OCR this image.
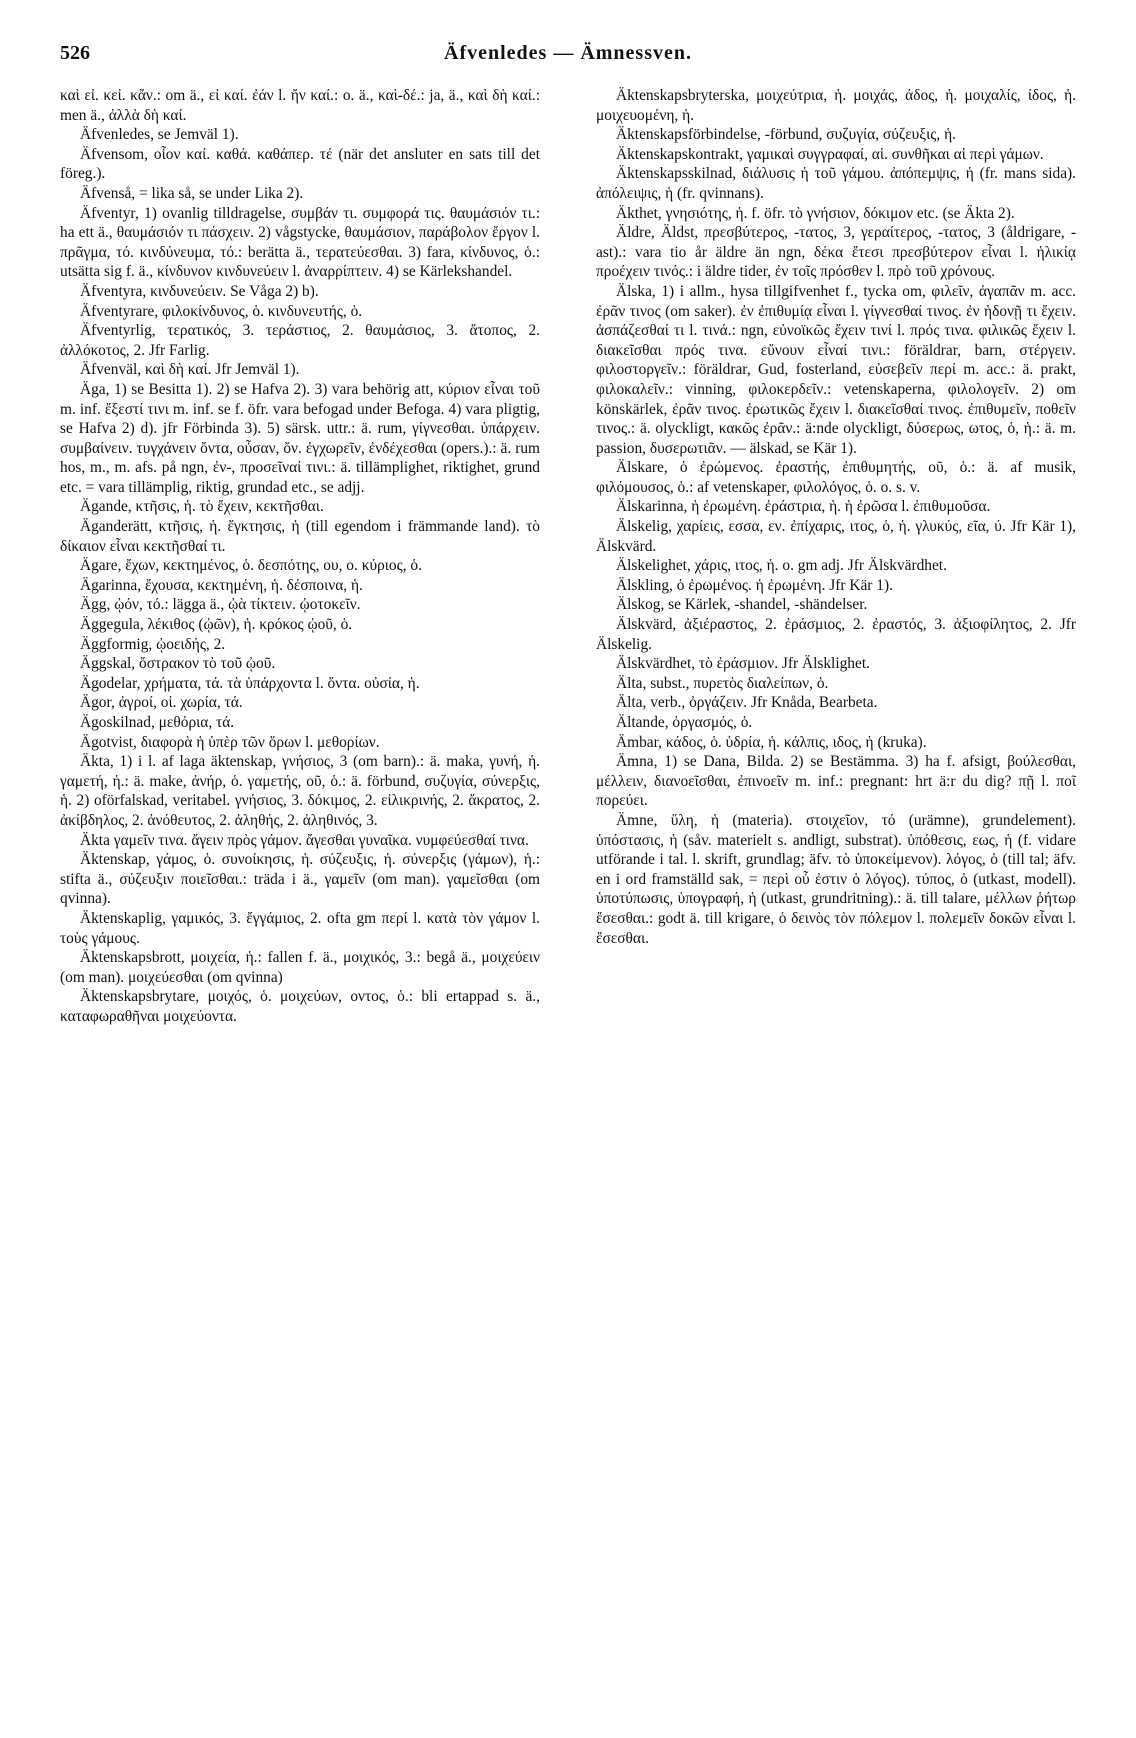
526	Äfvenledes — Ämnessven.

καὶ εἰ. κεἰ. κἄν.: om ä., εἰ καί. ἐάν l. ἤν καί.: o. ä., καὶ-δέ.: ja, ä., καὶ δὴ καί.: men ä., ἀλλὰ δὴ καί.

Äfvenledes, se Jemväl 1).

Äfvensom, οἷον καί. καθά. καθάπερ. τέ (när det ansluter en sats till det föreg.).

Äfvenså, = lika så, se under Lika 2).

Äfventyr, 1) ovanlig tilldragelse, συμβάν τι. συμφορά τις. θαυμάσιόν τι.: ha ett ä., θαυμάσιόν τι πάσχειν. 2) vågstycke, θαυμάσιον, παράβολον ἔργον l. πρᾶγμα, τό. κινδύνευμα, τό.: berätta ä., τερατεύεσθαι. 3) fara, κίνδυνος, ὁ.: utsätta sig f. ä., κίνδυνον κινδυνεύειν l. ἀναρρίπτειν. 4) se Kärlekshandel.

Äfventyra, κινδυνεύειν. Se Våga 2) b).

Äfventyrare, φιλοκίνδυνος, ὁ. κινδυνευτής, ὁ.

Äfventyrlig, τερατικός, 3. τεράστιος, 2. θαυμάσιος, 3. ἄτοπος, 2. ἀλλόκοτος, 2. Jfr Farlig.

Äfvenväl, καὶ δὴ καί. Jfr Jemväl 1).

Äga, 1) se Besitta 1). 2) se Hafva 2). 3) vara behörig att, κύριον εἶναι τοῦ m. inf. ἔξεστί τινι m. inf. se f. öfr. vara befogad under Befoga. 4) vara pligtig, se Hafva 2) d). jfr Förbinda 3). 5) särsk. uttr.: ä. rum, γίγνεσθαι. ὑπάρχειν. συμβαίνειν. τυγχάνειν ὄντα, οὖσαν, ὄν. ἐγχωρεῖν, ἐνδέχεσθαι (opers.).: ä. rum hos, m., m. afs. på ngn, ἐν-, προσεῖναί τινι.: ä. tillämplighet, riktighet, grund etc. = vara tillämplig, riktig, grundad etc., se adjj.

Ägande, κτῆσις, ἡ. τὸ ἔχειν, κεκτῆσθαι.

Äganderätt, κτῆσις, ἡ. ἔγκτησις, ἡ (till egendom i främmande land). τὸ δίκαιον εἶναι κεκτῆσθαί τι.

Ägare, ἔχων, κεκτημένος, ὁ. δεσπότης, ου, ο. κύριος, ὁ.

Ägarinna, ἔχουσα, κεκτημένη, ἡ. δέσποινα, ἡ.

Ägg, ᾠόν, τό.: lägga ä., ᾠὰ τίκτειν. ᾠοτοκεῖν.

Äggegula, λέκιθος (ᾠῶν), ἡ. κρόκος ᾠοῦ, ὁ.

Äggformig, ᾠοειδής, 2.

Äggskal, ὄστρακον τὸ τοῦ ᾠοῦ.

Ägodelar, χρήματα, τά. τὰ ὑπάρχοντα l. ὄντα. οὐσία, ἡ.

Ägor, ἀγροί, οἱ. χωρία, τά.

Ägoskilnad, μεθόρια, τά.

Ägotvist, διαφορὰ ἡ ὑπὲρ τῶν ὅρων l. μεθορίων.

Äkta, 1) i l. af laga äktenskap, γνήσιος, 3 (om barn).: ä. maka, γυνή, ἡ. γαμετή, ἡ.: ä. make, ἀνήρ, ὁ. γαμετής, οῦ, ὁ.: ä. förbund, συζυγία, σύνερξις, ἡ. 2) oförfalskad, veritabel. γνήσιος, 3. δόκιμος, 2. εἰλικρινής, 2. ἄκρατος, 2. ἀκίβδηλος, 2. ἀνόθευτος, 2. ἀληθής, 2. ἀληθινός, 3.

Äkta γαμεῖν τινα. ἄγειν πρὸς γάμον. ἄγεσθαι γυναῖκα. νυμφεύεσθαί τινα.

Äktenskap, γάμος, ὁ. συνοίκησις, ἡ. σύζευξις, ἡ. σύνερξις (γάμων), ἡ.: stifta ä., σύζευξιν ποιεῖσθαι.: träda i ä., γαμεῖν (om man). γαμεῖσθαι (om qvinna).

Äktenskaplig, γαμικός, 3. ἔγγάμιος, 2. ofta gm περί l. κατὰ τὸν γάμον l. τοὺς γάμους.

Äktenskapsbrott, μοιχεία, ἡ.: fallen f. ä., μοιχικός, 3.: begå ä., μοιχεύειν (om man). μοιχεύεσθαι (om qvinna)

Äktenskapsbrytare, μοιχός, ὁ. μοιχεύων, οντος, ὁ.: bli ertappad s. ä., καταφωραθῆναι μοιχεύοντα.

Äktenskapsbryterska, μοιχεύτρια, ἡ. μοιχάς, άδος, ἡ. μοιχαλίς, ίδος, ἡ. μοιχευομένη, ἡ.

Äktenskapsförbindelse, -förbund, συζυγία, σύζευξις, ἡ.

Äktenskapskontrakt, γαμικαὶ συγγραφαί, αἱ. συνθῆκαι αἱ περὶ γάμων.

Äktenskapsskilnad, διάλυσις ἡ τοῦ γάμου. ἀπόπεμψις, ἡ (fr. mans sida). ἀπόλειψις, ἡ (fr. qvinnans).

Äkthet, γνησιότης, ἡ. f. öfr. τὸ γνήσιον, δόκιμον etc. (se Äkta 2).

Äldre, Äldst, πρεσβύτερος, -τατος, 3, γεραίτερος, -τατος, 3 (åldrigare, -ast).: vara tio år äldre än ngn, δέκα ἔτεσι πρεσβύτερον εἶναι l. ἡλικίᾳ προέχειν τινός.: i äldre tider, ἐν τοῖς πρόσθεν l. πρὸ τοῦ χρόνους.

Älska, 1) i allm., hysa tillgifvenhet f., tycka om, φιλεῖν, ἀγαπᾶν m. acc. ἐρᾶν τινος (om saker). ἐν ἐπιθυμίᾳ εἶναι l. γίγνεσθαί τινος. ἐν ἡδονῇ τι ἔχειν. ἀσπάζεσθαί τι l. τινά.: ngn, εὐνοϊκῶς ἔχειν τινί l. πρός τινα. φιλικῶς ἔχειν l. διακεῖσθαι πρός τινα. εὔνουν εἶναί τινι.: föräldrar, barn, στέργειν. φιλοστοργεῖν.: föräldrar, Gud, fosterland, εὐσεβεῖν περί m. acc.: ä. prakt, φιλοκαλεῖν.: vinning, φιλοκερδεῖν.: vetenskaperna, φιλολογεῖν. 2) om könskärlek, ἐρᾶν τινος. ἐρωτικῶς ἔχειν l. διακεῖσθαί τινος. ἐπιθυμεῖν, ποθεῖν τινος.: ä. olyckligt, κακῶς ἐρᾶν.: ä:nde olyckligt, δύσερως, ωτος, ὁ, ἡ.: ä. m. passion, δυσερωτιᾶν. — älskad, se Kär 1).

Älskare, ὁ ἐρώμενος. ἐραστής, ἐπιθυμητής, οῦ, ὁ.: ä. af musik, φιλόμουσος, ὁ.: af vetenskaper, φιλολόγος, ὁ. o. s. v.

Älskarinna, ἡ ἐρωμένη. ἐράστρια, ἡ. ἡ ἐρῶσα l. ἐπιθυμοῦσα.

Älskelig, χαρίεις, εσσα, εν. ἐπίχαρις, ιτος, ὁ, ἡ. γλυκύς, εῖα, ύ. Jfr Kär 1), Älskvärd.

Älskelighet, χάρις, ιτος, ἡ. o. gm adj. Jfr Älskvärdhet.

Älskling, ὁ ἐρωμένος. ἡ ἐρωμένη. Jfr Kär 1).

Älskog, se Kärlek, -shandel, -shändelser.

Älskvärd, ἀξιέραστος, 2. ἐράσμιος, 2. ἐραστός, 3. ἀξιοφίλητος, 2. Jfr Älskelig.

Älskvärdhet, τὸ ἐράσμιον. Jfr Älsklighet.

Älta, subst., πυρετὸς διαλείπων, ὁ.

Älta, verb., ὀργάζειν. Jfr Knåda, Bearbeta.

Ältande, ὀργασμός, ὁ.

Ämbar, κάδος, ὁ. ὑδρία, ἡ. κάλπις, ιδος, ἡ (kruka).

Ämna, 1) se Dana, Bilda. 2) se Bestämma. 3) ha f. afsigt, βούλεσθαι, μέλλειν, διανοεῖσθαι, ἐπινοεῖν m. inf.: pregnant: hrt ä:r du dig? πῇ l. ποῖ πορεύει.

Ämne, ὕλη, ἡ (materia). στοιχεῖον, τό (urämne), grundelement). ὑπόστασις, ἡ (såv. materielt s. andligt, substrat). ὑπόθεσις, εως, ἡ (f. vidare utförande i tal. l. skrift, grundlag; äfv. τὸ ὑποκείμενον). λόγος, ὁ (till tal; äfv. en i ord framställd sak, = περὶ οὗ ἐστιν ὁ λόγος). τύπος, ὁ (utkast, modell). ὑποτύπωσις, ὑπογραφή, ἡ (utkast, grundritning).: ä. till talare, μέλλων ῥήτωρ ἔσεσθαι.: godt ä. till krigare, ὁ δεινὸς τὸν πόλεμον l. πολεμεῖν δοκῶν εἶναι l. ἔσεσθαι.
